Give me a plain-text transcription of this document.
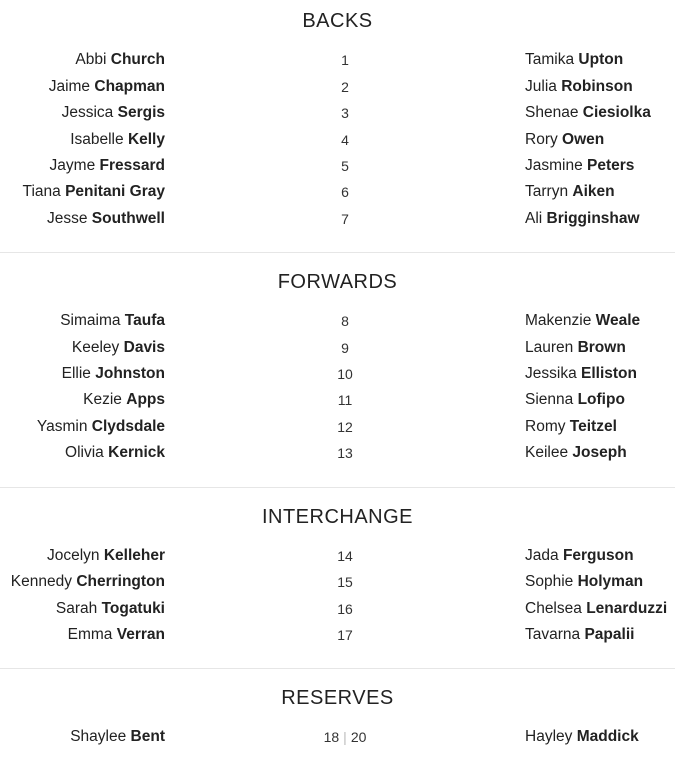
BACKS
Abbi Church	1	Tamika Upton
Jaime Chapman	2	Julia Robinson
Jessica Sergis	3	Shenae Ciesiolka
Isabelle Kelly	4	Rory Owen
Jayme Fressard	5	Jasmine Peters
Tiana Penitani Gray	6	Tarryn Aiken
Jesse Southwell	7	Ali Brigginshaw
FORWARDS
Simaima Taufa	8	Makenzie Weale
Keeley Davis	9	Lauren Brown
Ellie Johnston	10	Jessika Elliston
Kezie Apps	11	Sienna Lofipo
Yasmin Clydsdale	12	Romy Teitzel
Olivia Kernick	13	Keilee Joseph
INTERCHANGE
Jocelyn Kelleher	14	Jada Ferguson
Kennedy Cherrington	15	Sophie Holyman
Sarah Togatuki	16	Chelsea Lenarduzzi
Emma Verran	17	Tavarna Papalii
RESERVES
Shaylee Bent	18 | 20	Hayley Maddick
